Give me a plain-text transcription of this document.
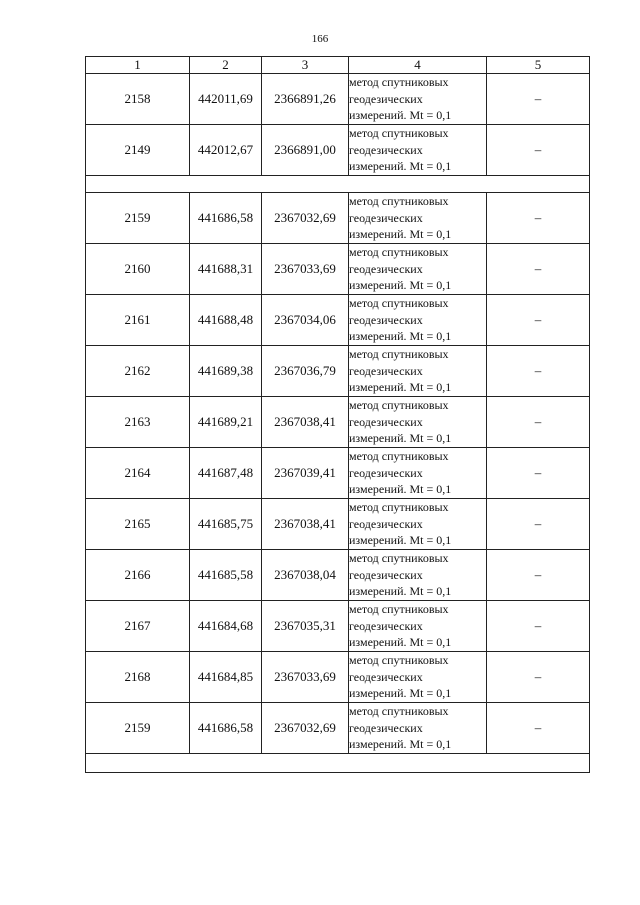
166
1	2	3	4	5
2158	442011,69	2366891,26	метод спутниковых
геодезических
измерений. Mt = 0,1	–
2149	442012,67	2366891,00	метод спутниковых
геодезических
измерений. Mt = 0,1	–

2159	441686,58	2367032,69	метод спутниковых
геодезических
измерений. Mt = 0,1	–
2160	441688,31	2367033,69	метод спутниковых
геодезических
измерений. Mt = 0,1	–
2161	441688,48	2367034,06	метод спутниковых
геодезических
измерений. Mt = 0,1	–
2162	441689,38	2367036,79	метод спутниковых
геодезических
измерений. Mt = 0,1	–
2163	441689,21	2367038,41	метод спутниковых
геодезических
измерений. Mt = 0,1	–
2164	441687,48	2367039,41	метод спутниковых
геодезических
измерений. Mt = 0,1	–
2165	441685,75	2367038,41	метод спутниковых
геодезических
измерений. Mt = 0,1	–
2166	441685,58	2367038,04	метод спутниковых
геодезических
измерений. Mt = 0,1	–
2167	441684,68	2367035,31	метод спутниковых
геодезических
измерений. Mt = 0,1	–
2168	441684,85	2367033,69	метод спутниковых
геодезических
измерений. Mt = 0,1	–
2159	441686,58	2367032,69	метод спутниковых
геодезических
измерений. Mt = 0,1	–
